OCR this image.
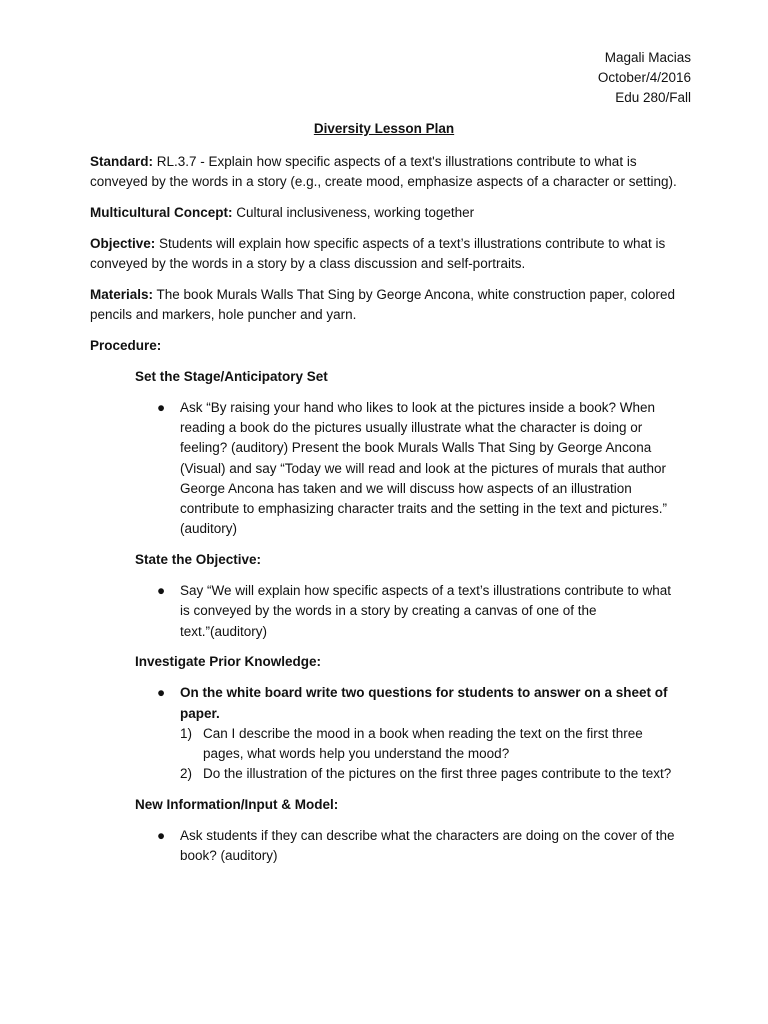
Magali Macias
October/4/2016
Edu 280/Fall
Diversity Lesson Plan

Standard: RL.3.7 - Explain how specific aspects of a text's illustrations contribute to what is conveyed by the words in a story (e.g., create mood, emphasize aspects of a character or setting).

Multicultural Concept: Cultural inclusiveness, working together

Objective: Students will explain how specific aspects of a text’s illustrations contribute to what is conveyed by the words in a story by a class discussion and self-portraits.

Materials: The book Murals Walls That Sing by George Ancona, white construction paper, colored pencils and markers, hole puncher and yarn.

Procedure:

Set the Stage/Anticipatory Set

●	Ask “By raising your hand who likes to look at the pictures inside a book? When reading a book do the pictures usually illustrate what the character is doing or feeling? (auditory) Present the book Murals Walls That Sing by George Ancona (Visual) and say “Today we will read and look at the pictures of murals that author George Ancona has taken and we will discuss how aspects of an illustration contribute to emphasizing character traits and the setting in the text and pictures.” (auditory)

State the Objective:

●	Say “We will explain how specific aspects of a text’s illustrations contribute to what is conveyed by the words in a story by creating a canvas of one of the text.”(auditory)

Investigate Prior Knowledge:

●	On the white board write two questions for students to answer on a sheet of paper.
1) Can I describe the mood in a book when reading the text on the first three pages, what words help you understand the mood?
2) Do the illustration of the pictures on the first three pages contribute to the text?

New Information/Input & Model:

●	Ask students if they can describe what the characters are doing on the cover of the book? (auditory)
